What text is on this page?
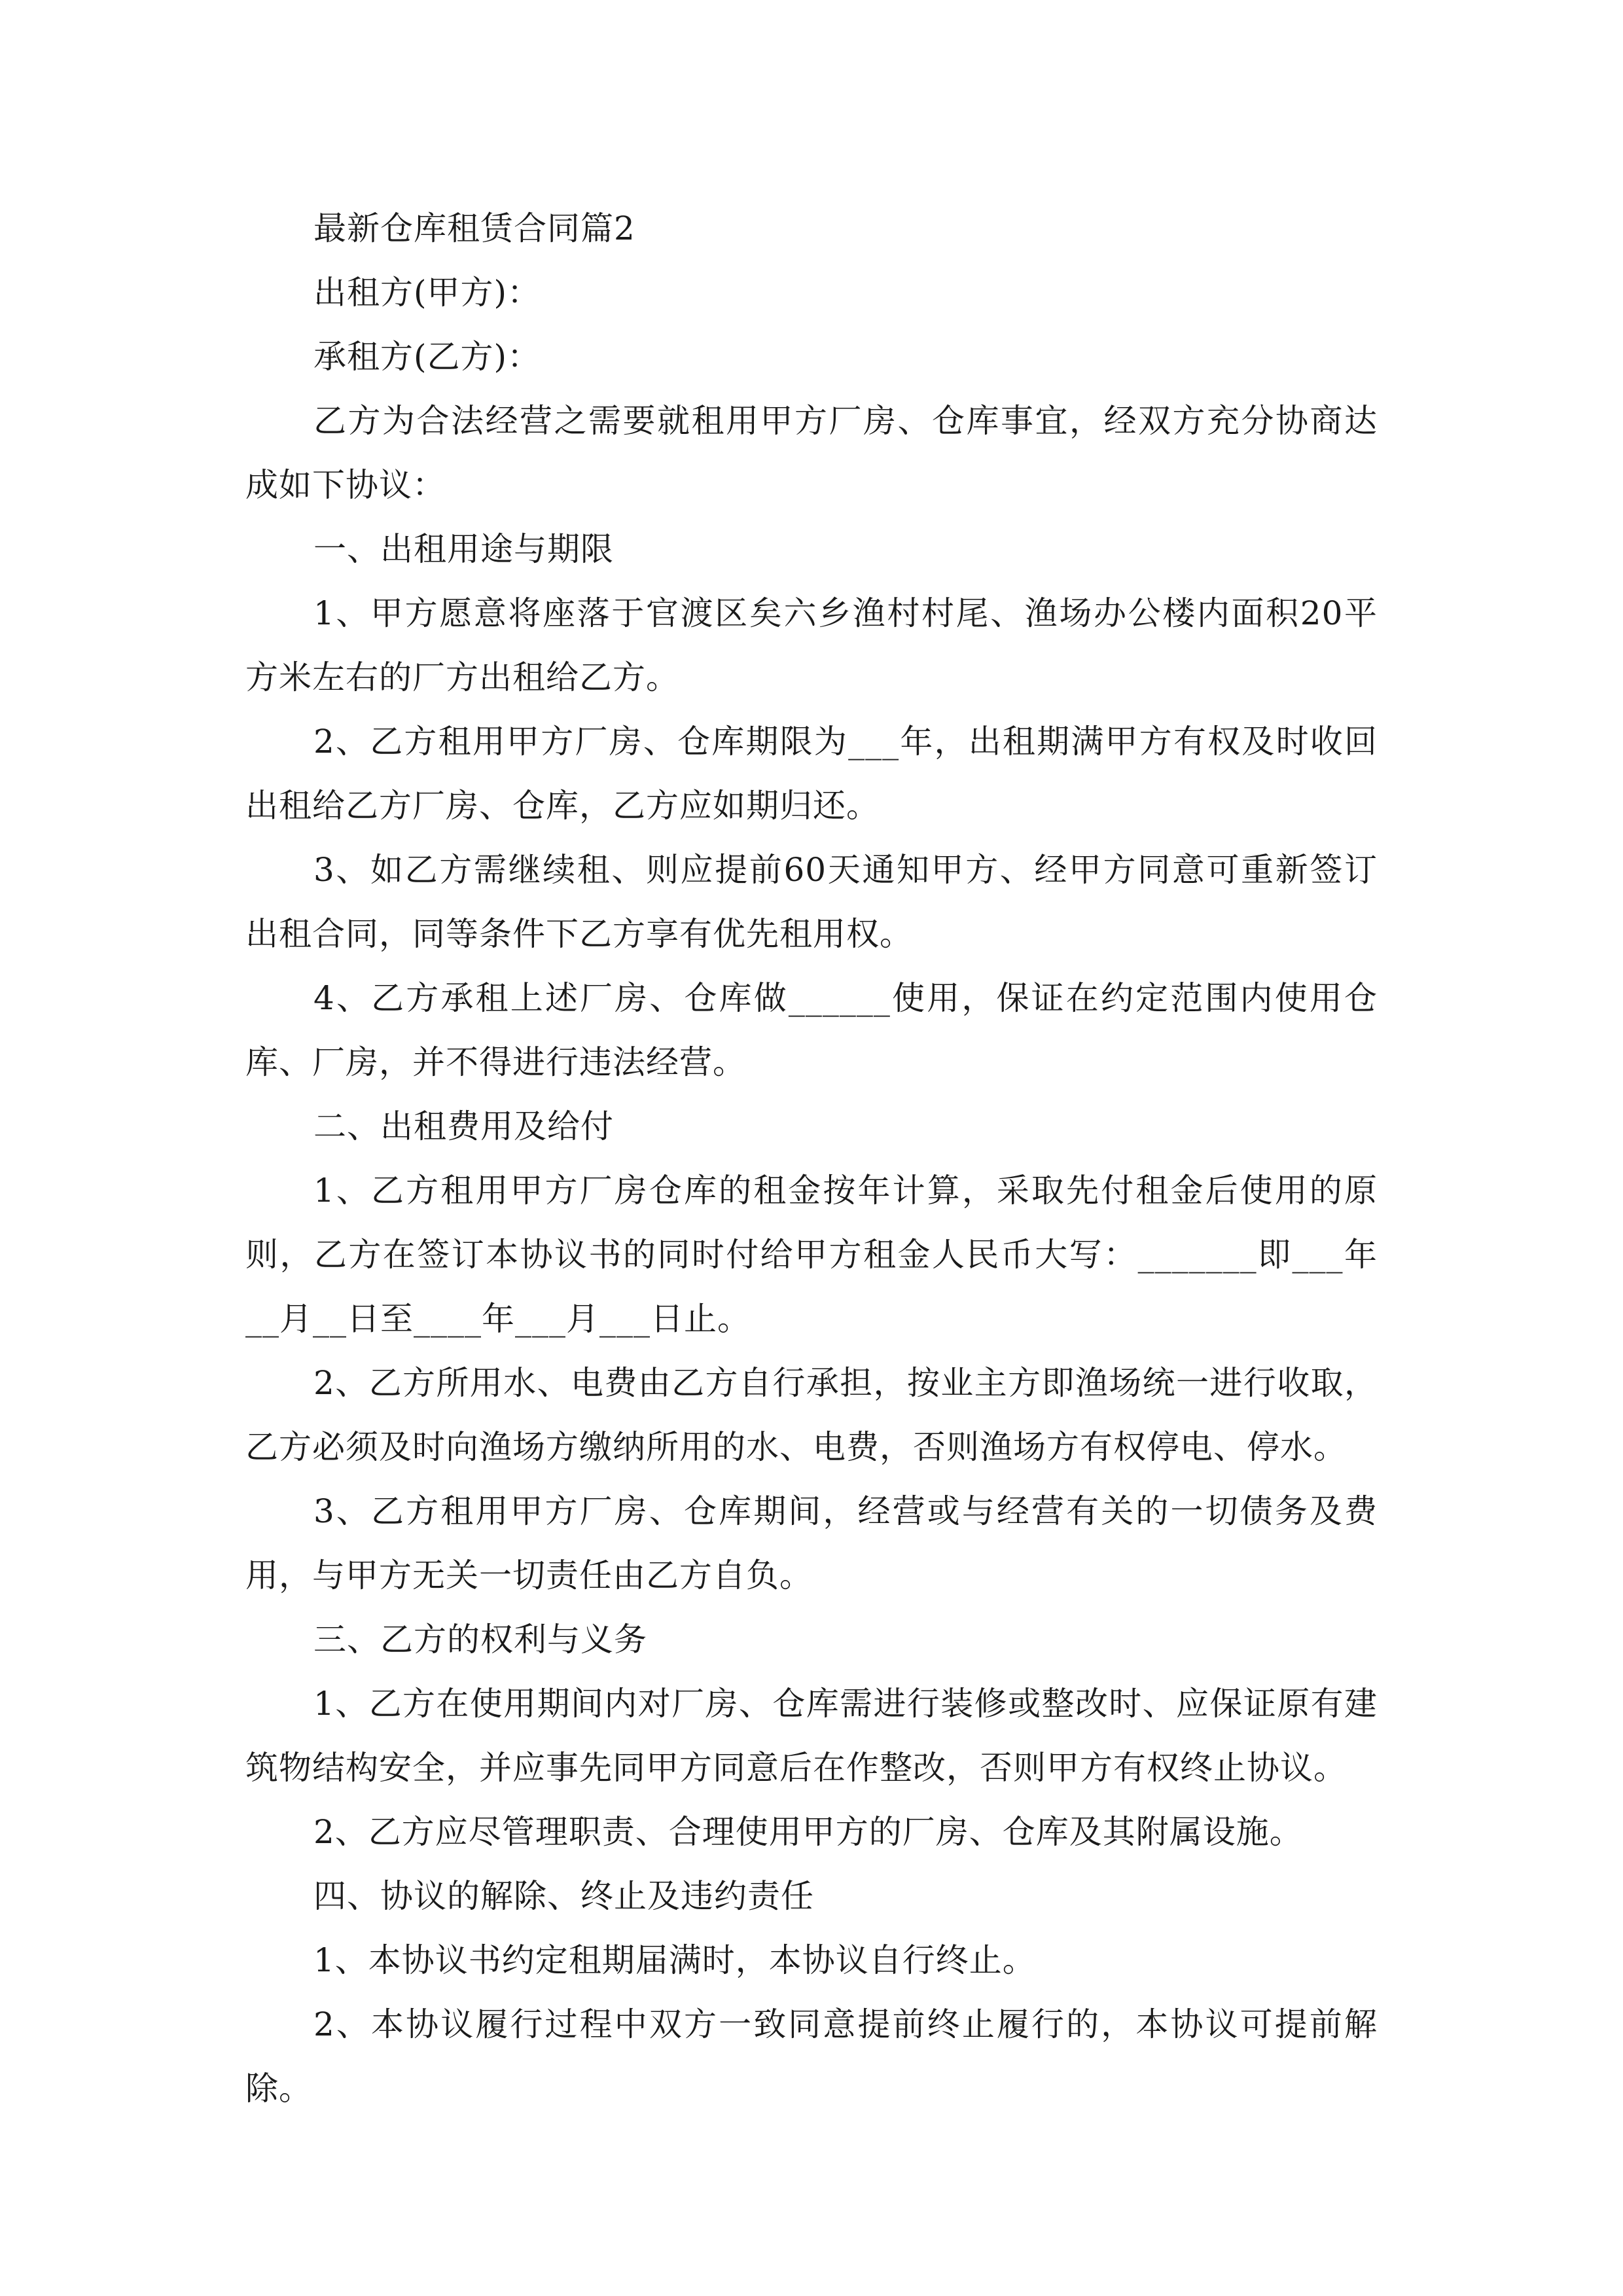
最新仓库租赁合同篇2

出租方(甲方)：

承租方(乙方)：

乙方为合法经营之需要就租用甲方厂房、仓库事宜，经双方充分协商达成如下协议：

一、出租用途与期限

1、甲方愿意将座落于官渡区矣六乡渔村村尾、渔场办公楼内面积20平方米左右的厂方出租给乙方。

2、乙方租用甲方厂房、仓库期限为___年，出租期满甲方有权及时收回出租给乙方厂房、仓库，乙方应如期归还。

3、如乙方需继续租、则应提前60天通知甲方、经甲方同意可重新签订出租合同，同等条件下乙方享有优先租用权。

4、乙方承租上述厂房、仓库做______使用，保证在约定范围内使用仓库、厂房，并不得进行违法经营。

二、出租费用及给付

1、乙方租用甲方厂房仓库的租金按年计算，采取先付租金后使用的原则，乙方在签订本协议书的同时付给甲方租金人民币大写：_______即___年__月__日至____年___月___日止。

2、乙方所用水、电费由乙方自行承担，按业主方即渔场统一进行收取，乙方必须及时向渔场方缴纳所用的水、电费，否则渔场方有权停电、停水。

3、乙方租用甲方厂房、仓库期间，经营或与经营有关的一切债务及费用，与甲方无关一切责任由乙方自负。

三、乙方的权利与义务

1、乙方在使用期间内对厂房、仓库需进行装修或整改时、应保证原有建筑物结构安全，并应事先同甲方同意后在作整改，否则甲方有权终止协议。

2、乙方应尽管理职责、合理使用甲方的厂房、仓库及其附属设施。

四、协议的解除、终止及违约责任

1、本协议书约定租期届满时，本协议自行终止。

2、本协议履行过程中双方一致同意提前终止履行的，本协议可提前解除。
